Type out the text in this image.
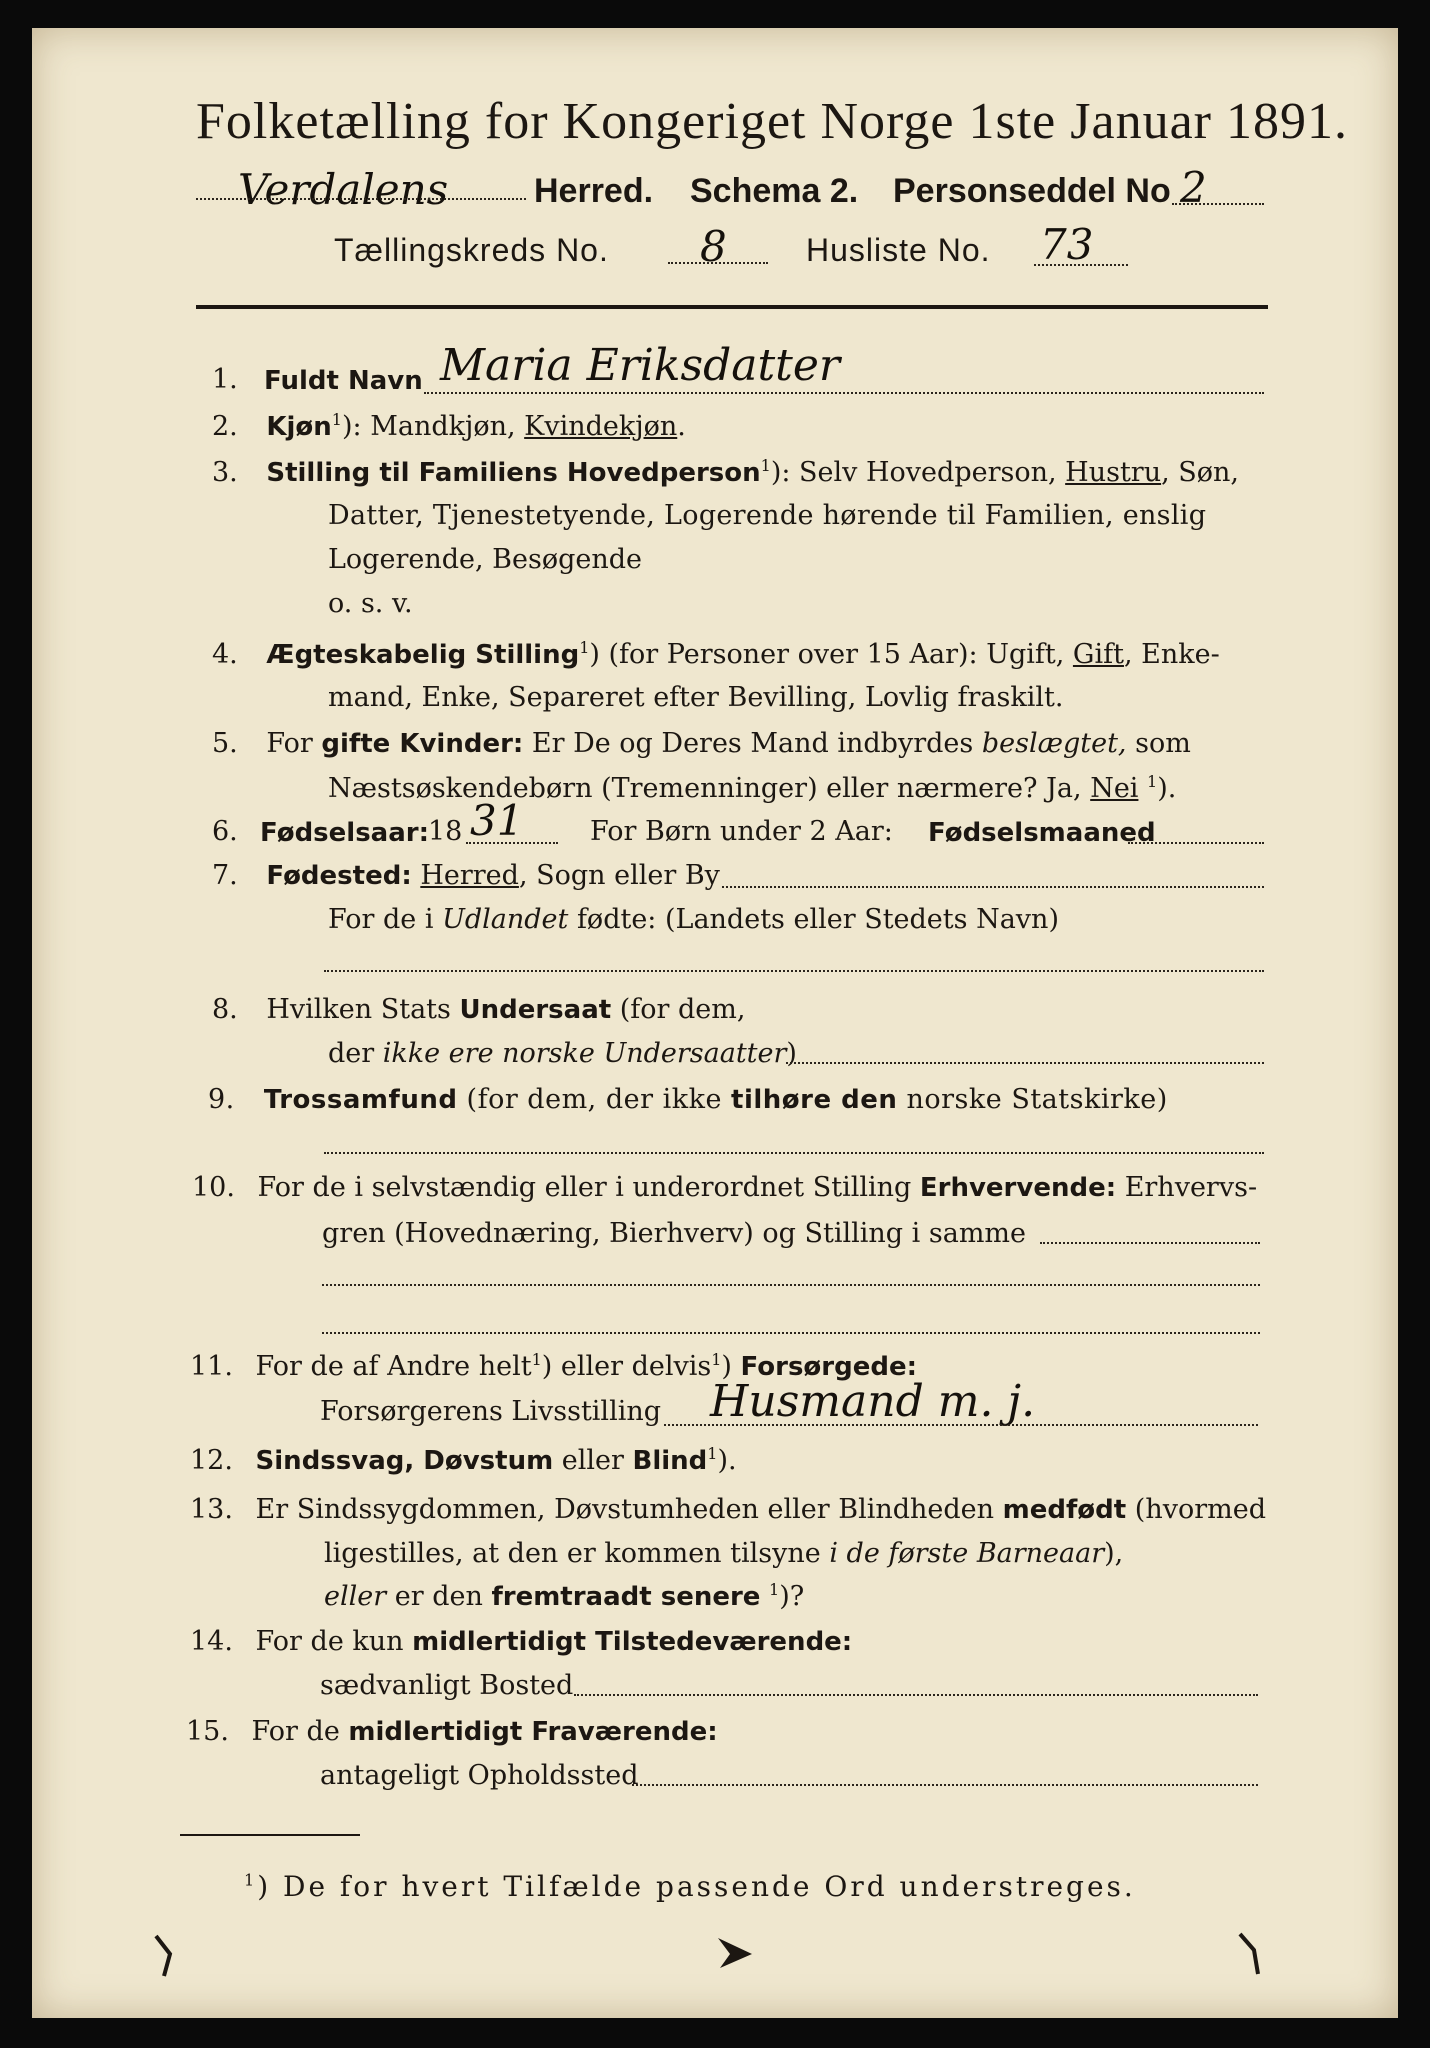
Folketælling for Kongeriget Norge 1ste Januar 1891.
Verdalens	Herred. Schema 2. Personseddel No 2
Tællingskreds No. 8 Husliste No. 73
1. Fuldt Navn Maria Eriksdatter
2. Kjøn$^1$): Mandkjøn, Kvindekjøn.
3. Stilling til Familiens Hovedperson$^1$): Selv Hovedperson, Hustru, Søn,
Datter, Tjenestetyende, Logerende hørende til Familien, enslig
Logerende, Besøgende
o. s. v.
4. Ægteskabelig Stilling$^1$) (for Personer over 15 Aar): Ugift, Gift, Enke-
mand, Enke, Separeret efter Bevilling, Lovlig fraskilt.
5. For gifte Kvinder: Er De og Deres Mand indbyrdes beslægtet, som
Næstsøskendebørn (Tremenninger) eller nærmere? Ja, Nei $^1$).
6. Fødselsaar: 18 31 For Børn under 2 Aar: Fødselsmaaned
7. Fødested: Herred, Sogn eller By
For de i Udlandet fødte: (Landets eller Stedets Navn)
8. Hvilken Stats Undersaat (for dem,
der ikke ere norske Undersaatter)
9. Trossamfund (for dem, der ikke tilhøre den norske Statskirke)
10. For de i selvstændig eller i underordnet Stilling Erhvervende: Erhvervs-
gren (Hovednæring, Bierhverv) og Stilling i samme
11. For de af Andre helt$^1$) eller delvis$^1$) Forsørgede:
Forsørgerens Livsstilling Husmand m. j.
12. Sindssvag, Døvstum eller Blind$^1$).
13. Er Sindssygdommen, Døvstumheden eller Blindheden medfødt (hvormed
ligestilles, at den er kommen tilsyne i de første Barneaar),
eller er den fremtraadt senere $^1$)?
14. For de kun midlertidigt Tilstedeværende:
sædvanligt Bosted
15. For de midlertidigt Fraværende:
antageligt Opholdssted
$^1$) De for hvert Tilfælde passende Ord understreges.
